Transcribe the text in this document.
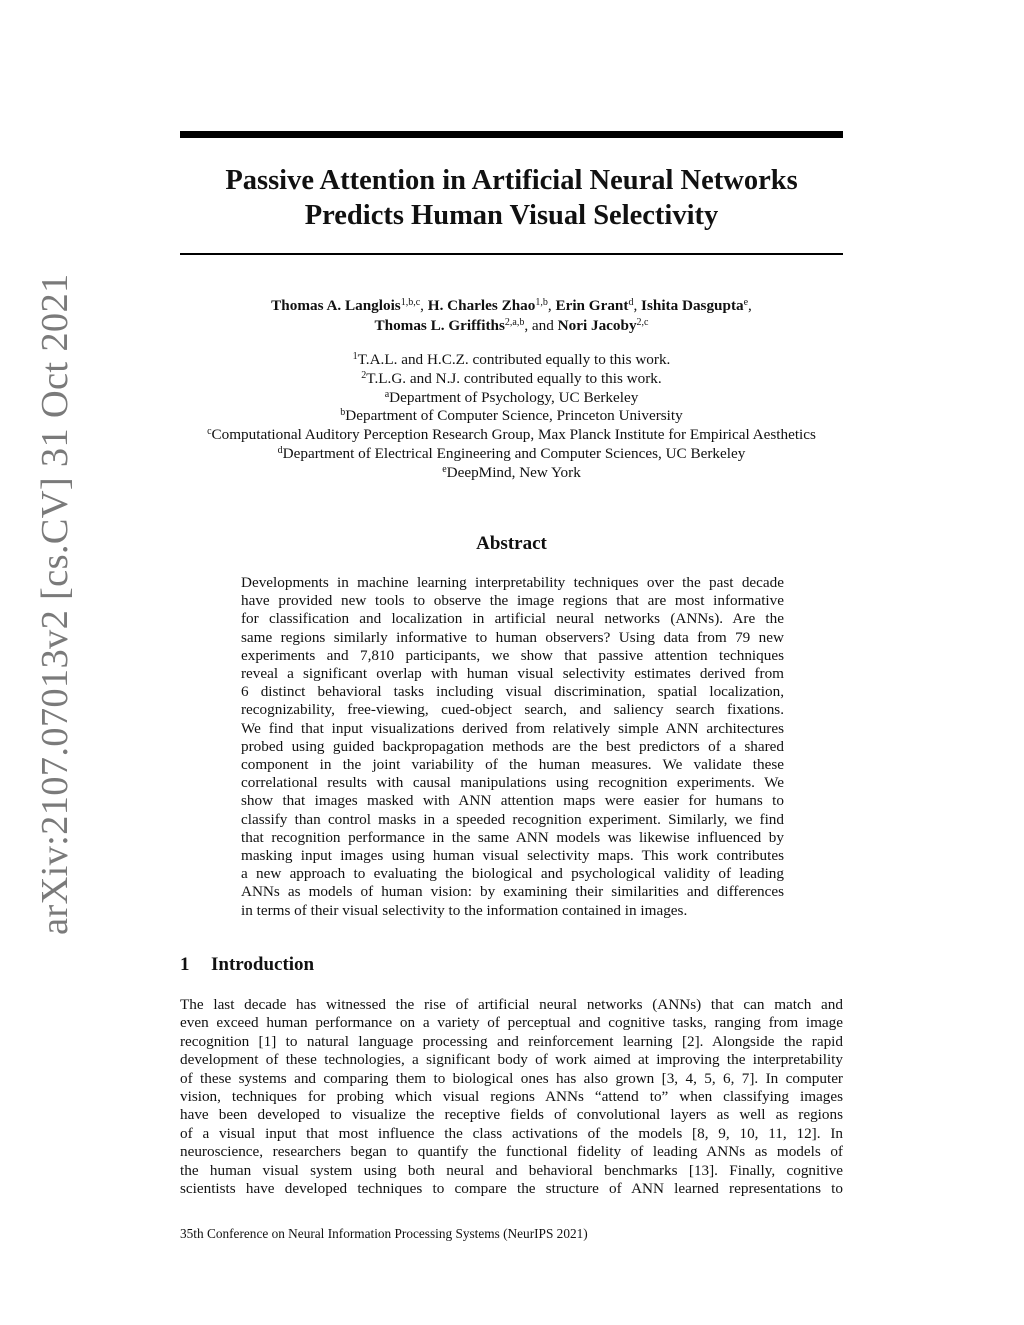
arXiv:2107.07013v2 [cs.CV] 31 Oct 2021
Passive Attention in Artificial Neural Networks
Predicts Human Visual Selectivity
Thomas A. Langlois$^{1,b,c}$, H. Charles Zhao$^{1,b}$, Erin Grant$^d$, Ishita Dasgupta$^e$,
Thomas L. Griffiths$^{2,a,b}$, and Nori Jacoby$^{2,c}$
$^1$T.A.L. and H.C.Z. contributed equally to this work.
$^2$T.L.G. and N.J. contributed equally to this work.
$^a$Department of Psychology, UC Berkeley
$^b$Department of Computer Science, Princeton University
$^c$Computational Auditory Perception Research Group, Max Planck Institute for Empirical Aesthetics
$^d$Department of Electrical Engineering and Computer Sciences, UC Berkeley
$^e$DeepMind, New York
Abstract
Developments in machine learning interpretability techniques over the past decade
have provided new tools to observe the image regions that are most informative
for classification and localization in artificial neural networks (ANNs). Are the
same regions similarly informative to human observers? Using data from 79 new
experiments and 7,810 participants, we show that passive attention techniques
reveal a significant overlap with human visual selectivity estimates derived from
6 distinct behavioral tasks including visual discrimination, spatial localization,
recognizability, free-viewing, cued-object search, and saliency search fixations.
We find that input visualizations derived from relatively simple ANN architectures
probed using guided backpropagation methods are the best predictors of a shared
component in the joint variability of the human measures. We validate these
correlational results with causal manipulations using recognition experiments. We
show that images masked with ANN attention maps were easier for humans to
classify than control masks in a speeded recognition experiment. Similarly, we find
that recognition performance in the same ANN models was likewise influenced by
masking input images using human visual selectivity maps. This work contributes
a new approach to evaluating the biological and psychological validity of leading
ANNs as models of human vision: by examining their similarities and differences
in terms of their visual selectivity to the information contained in images.
1 Introduction
The last decade has witnessed the rise of artificial neural networks (ANNs) that can match and
even exceed human performance on a variety of perceptual and cognitive tasks, ranging from image
recognition [1] to natural language processing and reinforcement learning [2]. Alongside the rapid
development of these technologies, a significant body of work aimed at improving the interpretability
of these systems and comparing them to biological ones has also grown [3, 4, 5, 6, 7]. In computer
vision, techniques for probing which visual regions ANNs “attend to” when classifying images
have been developed to visualize the receptive fields of convolutional layers as well as regions
of a visual input that most influence the class activations of the models [8, 9, 10, 11, 12]. In
neuroscience, researchers began to quantify the functional fidelity of leading ANNs as models of
the human visual system using both neural and behavioral benchmarks [13]. Finally, cognitive
scientists have developed techniques to compare the structure of ANN learned representations to
35th Conference on Neural Information Processing Systems (NeurIPS 2021)
